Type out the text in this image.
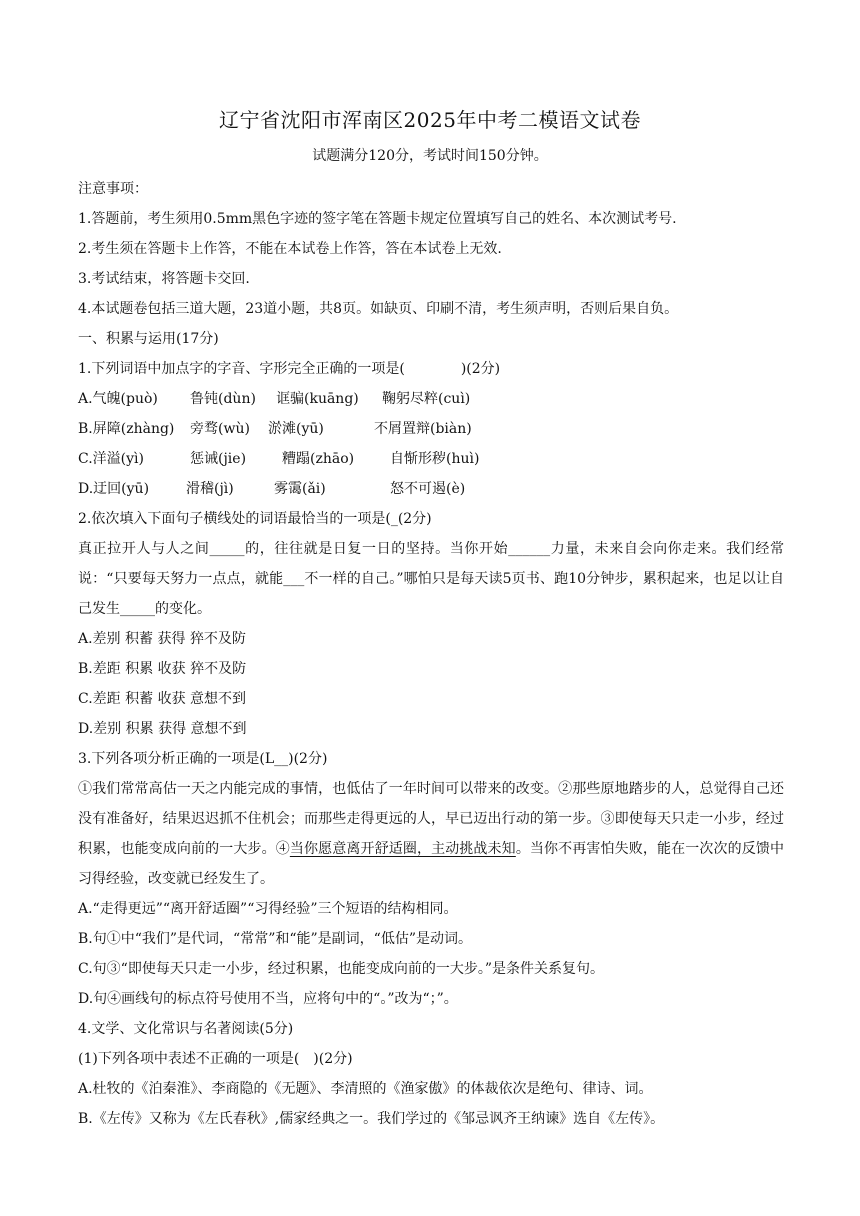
辽宁省沈阳市浑南区2025年中考二模语文试卷
试题满分120分，考试时间150分钟。
注意事项：
1.答题前，考生须用0.5mm黑色字迹的签字笔在答题卡规定位置填写自己的姓名、本次测试考号.
2.考生须在答题卡上作答，不能在本试卷上作答，答在本试卷上无效.
3.考试结束，将答题卡交回.
4.本试题卷包括三道大题，23道小题，共8页。如缺页、印刷不清，考生须声明，否则后果自负。
一、积累与运用(17分)
1.下列词语中加点字的字音、字形完全正确的一项是(　　　　)(2分)
A.气魄(può) 鲁钝(dùn) 诓骗(kuāng) 鞠躬尽粹(cuì)
B.屏障(zhàng) 旁骛(wù) 淤滩(yū)	不屑置辩(biàn)
C.洋溢(yì)	惩诫(jie)	糟蹋(zhāo)	自惭形秽(huì)
D.迂回(yū)	滑稽(jì)	雾霭(ǎi)	怒不可遏(è)
2.依次填入下面句子横线处的词语最恰当的一项是(_(2分)
真正拉开人与人之间_____的，往往就是日复一日的坚持。当你开始______力量，未来自会向你走来。我们经常说：“只要每天努力一点点，就能___不一样的自己。”哪怕只是每天读5页书、跑10分钟步，累积起来，也足以让自己发生_____的变化。
A.差别 积蓄 获得 猝不及防
B.差距 积累 收获 猝不及防
C.差距 积蓄 收获 意想不到
D.差别 积累 获得 意想不到
3.下列各项分析正确的一项是(L__)(2分)
①我们常常高估一天之内能完成的事情，也低估了一年时间可以带来的改变。②那些原地踏步的人，总觉得自己还没有准备好，结果迟迟抓不住机会；而那些走得更远的人，早已迈出行动的第一步。③即使每天只走一小步，经过积累，也能变成向前的一大步。④当你愿意离开舒适圈，主动挑战未知。当你不再害怕失败，能在一次次的反馈中习得经验，改变就已经发生了。
A.“走得更远”“离开舒适圈”“习得经验”三个短语的结构相同。
B.句①中“我们”是代词，“常常”和“能”是副词，“低估”是动词。
C.句③“即使每天只走一小步，经过积累，也能变成向前的一大步。”是条件关系复句。
D.句④画线句的标点符号使用不当，应将句中的“。”改为“；”。
4.文学、文化常识与名著阅读(5分)
(1)下列各项中表述不正确的一项是(　)(2分)
A.杜牧的《泊秦淮》、李商隐的《无题》、李清照的《渔家傲》的体裁依次是绝句、律诗、词。
B.《左传》又称为《左氏春秋》,儒家经典之一。我们学过的《邹忌讽齐王纳谏》选自《左传》。
